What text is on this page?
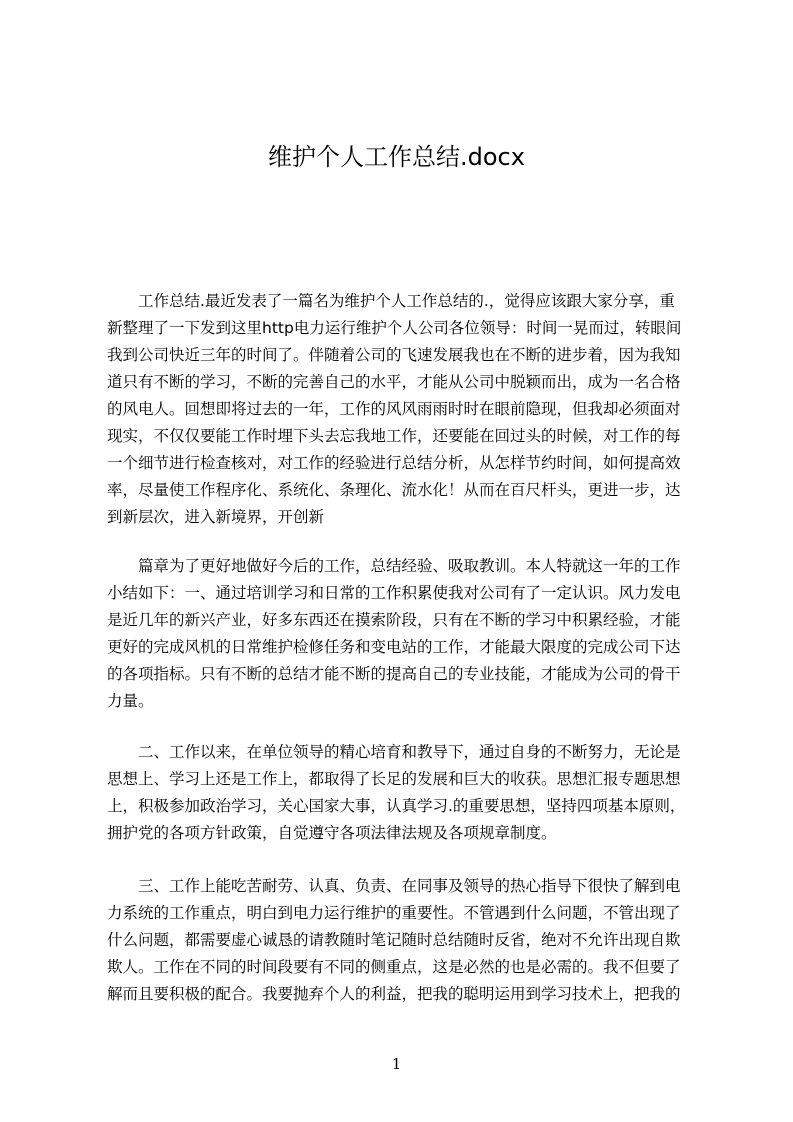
维护个人工作总结.docx
工作总结.最近发表了一篇名为维护个人工作总结的.，觉得应该跟大家分享，重
新整理了一下发到这里http电力运行维护个人公司各位领导：时间一晃而过，转眼间
我到公司快近三年的时间了。伴随着公司的飞速发展我也在不断的进步着，因为我知
道只有不断的学习，不断的完善自己的水平，才能从公司中脱颖而出，成为一名合格
的风电人。回想即将过去的一年，工作的风风雨雨时时在眼前隐现，但我却必须面对
现实，不仅仅要能工作时埋下头去忘我地工作，还要能在回过头的时候，对工作的每
一个细节进行检查核对，对工作的经验进行总结分析，从怎样节约时间，如何提高效
率，尽量使工作程序化、系统化、条理化、流水化！从而在百尺杆头，更进一步，达
到新层次，进入新境界，开创新
篇章为了更好地做好今后的工作，总结经验、吸取教训。本人特就这一年的工作
小结如下：一、通过培训学习和日常的工作积累使我对公司有了一定认识。风力发电
是近几年的新兴产业，好多东西还在摸索阶段，只有在不断的学习中积累经验，才能
更好的完成风机的日常维护检修任务和变电站的工作，才能最大限度的完成公司下达
的各项指标。只有不断的总结才能不断的提高自己的专业技能，才能成为公司的骨干
力量。
二、工作以来，在单位领导的精心培育和教导下，通过自身的不断努力，无论是
思想上、学习上还是工作上，都取得了长足的发展和巨大的收获。思想汇报专题思想
上，积极参加政治学习，关心国家大事，认真学习.的重要思想，坚持四项基本原则，
拥护党的各项方针政策，自觉遵守各项法律法规及各项规章制度。
三、工作上能吃苦耐劳、认真、负责、在同事及领导的热心指导下很快了解到电
力系统的工作重点，明白到电力运行维护的重要性。不管遇到什么问题，不管出现了
什么问题，都需要虚心诚恳的请教随时笔记随时总结随时反省，绝对不允许出现自欺
欺人。工作在不同的时间段要有不同的侧重点，这是必然的也是必需的。我不但要了
解而且要积极的配合。我要抛弃个人的利益，把我的聪明运用到学习技术上，把我的
1
